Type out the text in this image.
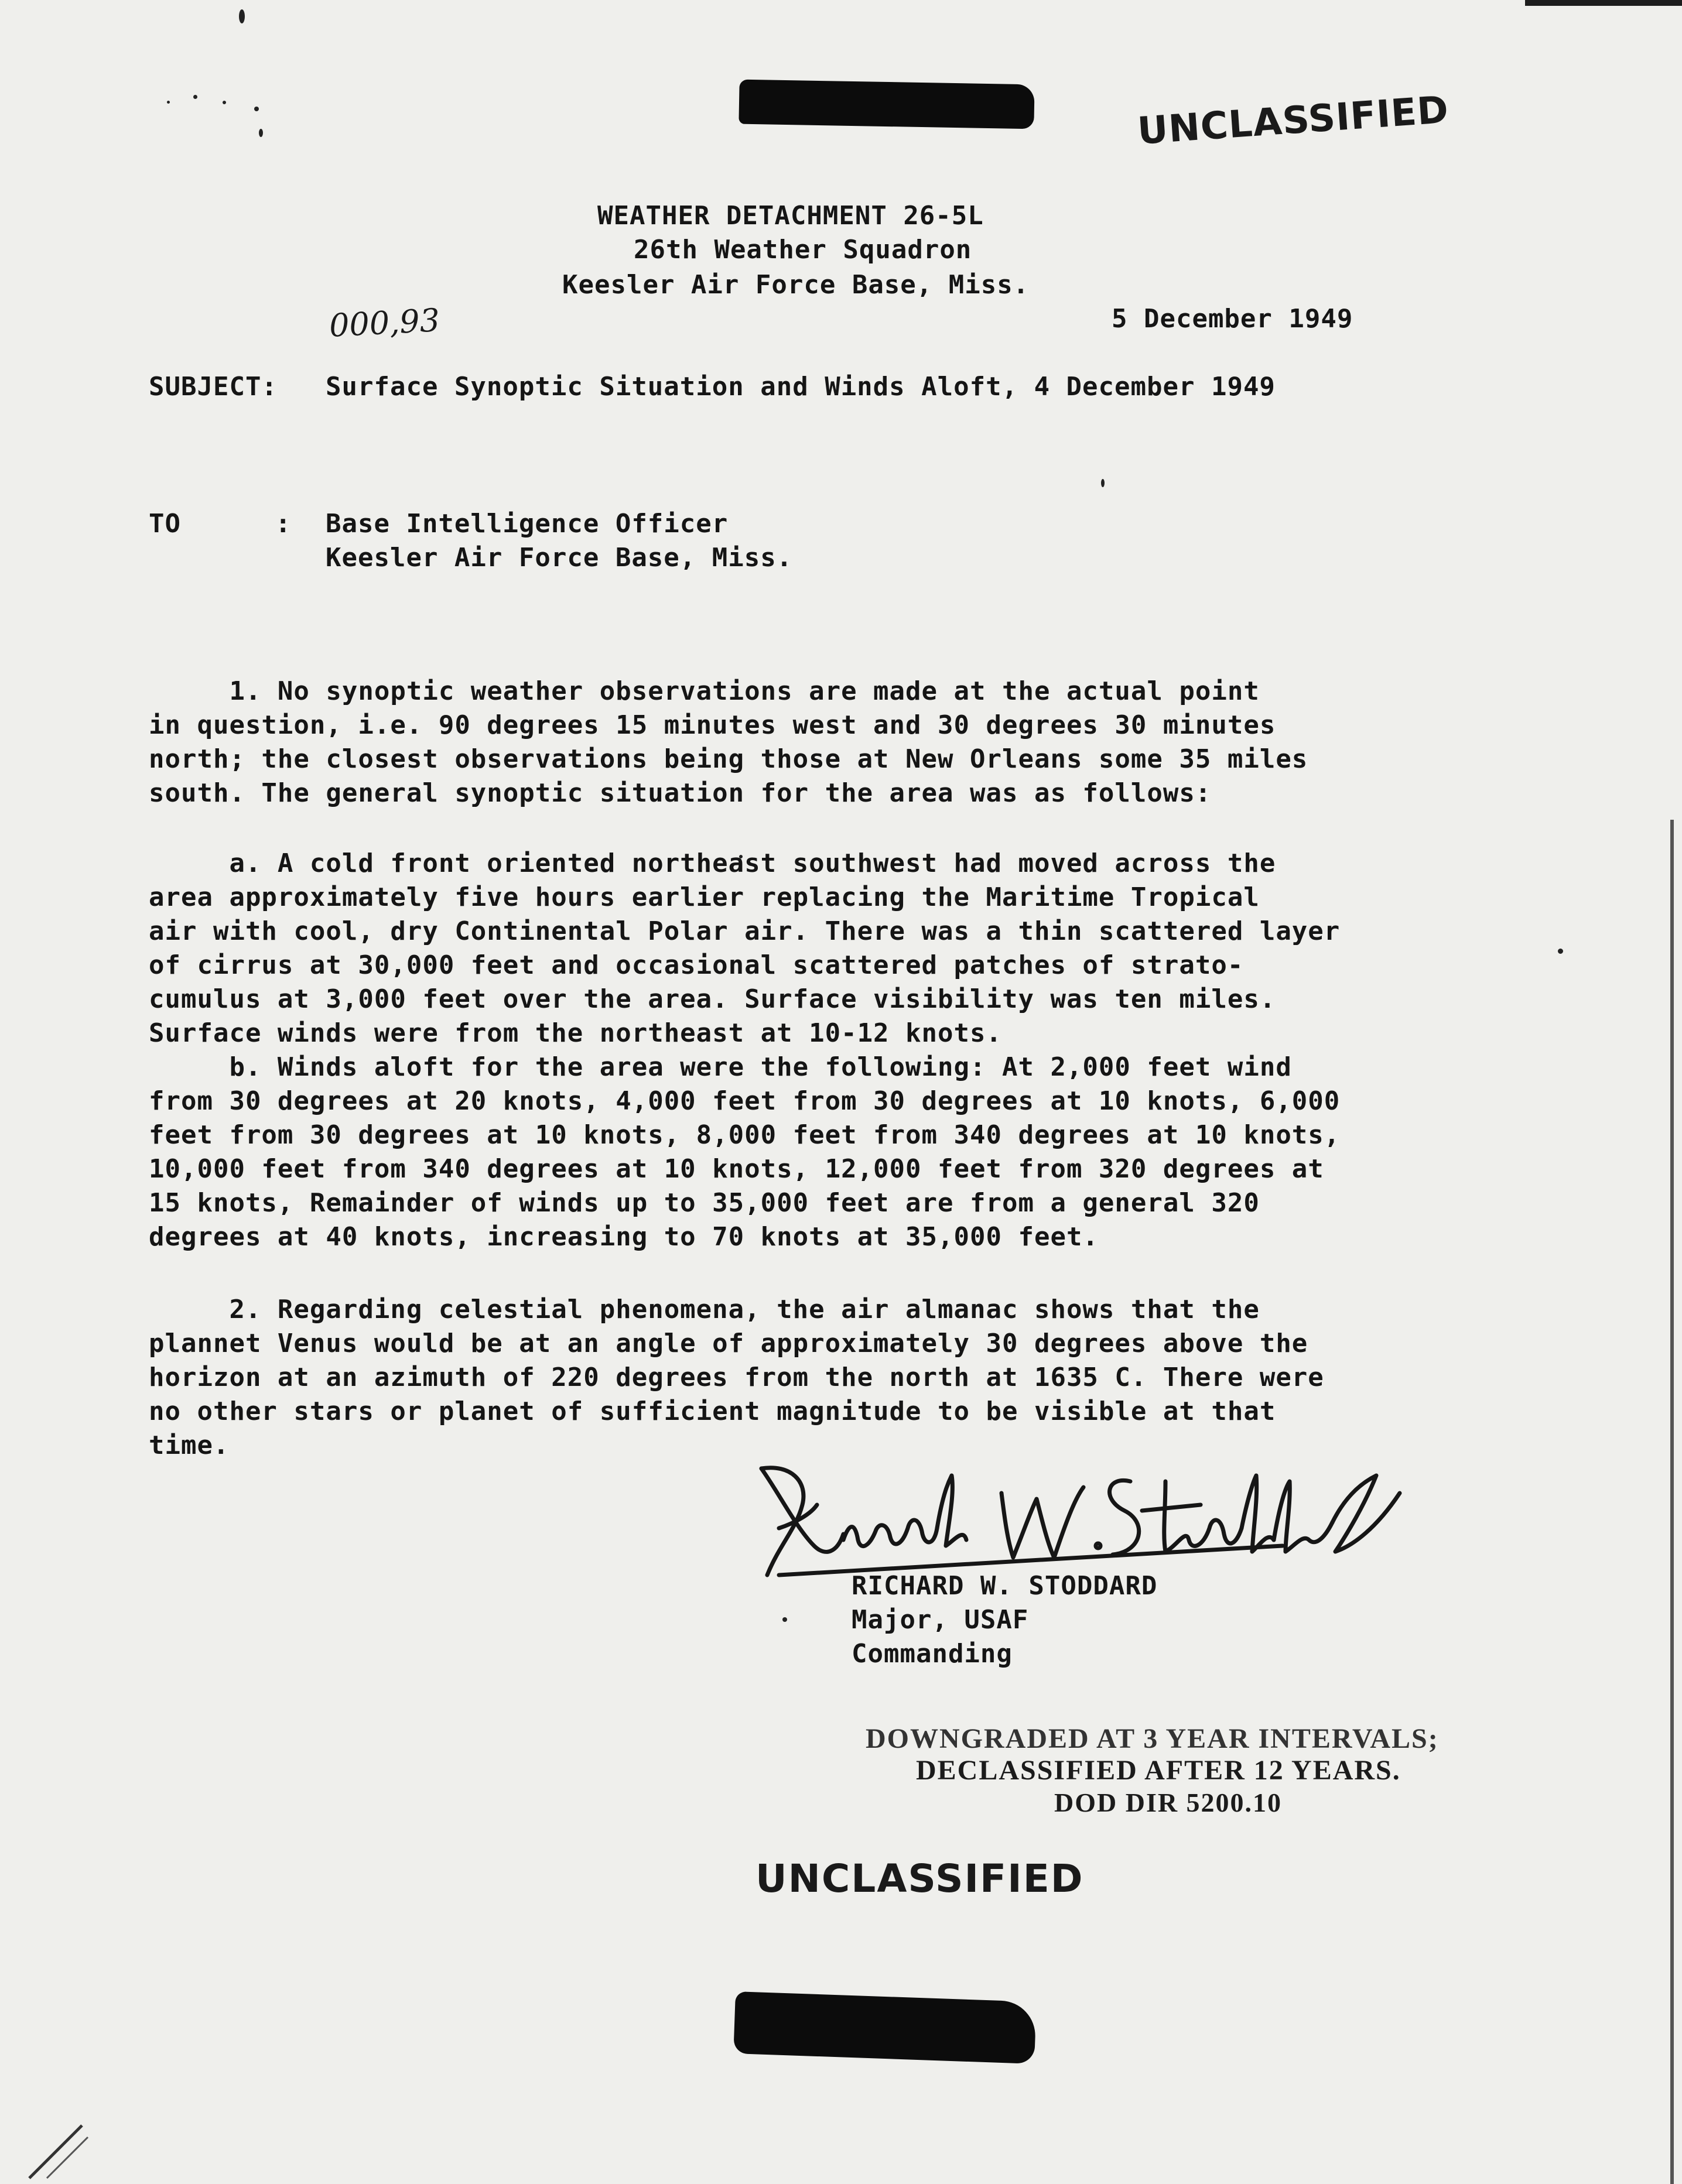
UNCLASSIFIED
WEATHER DETACHMENT 26-5L
26th Weather Squadron
Keesler Air Force Base, Miss.
000,93	5 December 1949
SUBJECT: Surface Synoptic Situation and Winds Aloft, 4 December 1949
TO	: Base Intelligence Officer
Keesler Air Force Base, Miss.
1. No synoptic weather observations are made at the actual point
in question, i.e. 90 degrees 15 minutes west and 30 degrees 30 minutes
north; the closest observations being those at New Orleans some 35 miles
south. The general synoptic situation for the area was as follows:
a. A cold front oriented northeast southwest had moved across the
area approximately five hours earlier replacing the Maritime Tropical
air with cool, dry Continental Polar air. There was a thin scattered layer
of cirrus at 30,000 feet and occasional scattered patches of strato-
cumulus at 3,000 feet over the area. Surface visibility was ten miles.
Surface winds were from the northeast at 10-12 knots.
b. Winds aloft for the area were the following: At 2,000 feet wind
from 30 degrees at 20 knots, 4,000 feet from 30 degrees at 10 knots, 6,000
feet from 30 degrees at 10 knots, 8,000 feet from 340 degrees at 10 knots,
10,000 feet from 340 degrees at 10 knots, 12,000 feet from 320 degrees at
15 knots, Remainder of winds up to 35,000 feet are from a general 320
degrees at 40 knots, increasing to 70 knots at 35,000 feet.
2. Regarding celestial phenomena, the air almanac shows that the
plannet Venus would be at an angle of approximately 30 degrees above the
horizon at an azimuth of 220 degrees from the north at 1635 C. There were
no other stars or planet of sufficient magnitude to be visible at that
time.
RICHARD W. STODDARD
Major, USAF
Commanding
DOWNGRADED AT 3 YEAR INTERVALS;
DECLASSIFIED AFTER 12 YEARS.
DOD DIR 5200.10
UNCLASSIFIED
